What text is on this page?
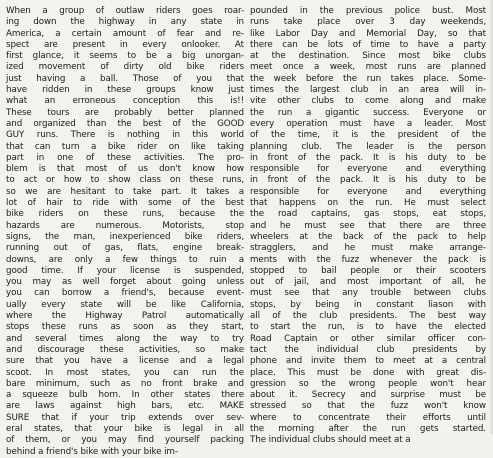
When a group of outlaw riders goes roar-
ing down the highway in any state in
America, a certain amount of fear and re-
spect are present in every onlooker. At
first glance, it seems to be a big unorgan-
ized movement of dirty old bike riders
just having a ball. Those of you that
have ridden in these groups know just
what an erroneous conception this is!!
These tours are probably better planned
and organized than the best of the GOOD
GUY runs. There is nothing in this world
that can turn a bike rider on like taking
part in one of these activities. The pro-
blem is that most of us don't know how
to act or how to show class on these runs,
so we are hesitant to take part. It takes a
lot of hair to ride with some of the best
bike riders on these runs, because the
hazards are numerous. Motorists, stop
signs, the man, inexperienced bike riders,
running out of gas, flats, engine break-
downs, are only a few things to ruin a
good time. If your license is suspended,
you may as well forget about going unless
you can borrow a friend's, because event-
ually every state will be like California,
where the Highway Patrol automatically
stops these runs as soon as they start,
and several times along the way to try
and discourage these activities, so make
sure that you have a license and a legal
scoot. In most states, you can run the
bare minimum, such as no front brake and
a squeeze bulb horn. In other states there
are laws against high bars, etc. MAKE
SURE that if your trip extends over sev-
eral states, that your bike is legal in all
of them, or you may find yourself packing
behind a friend's bike with your bike im-
pounded in the previous police bust. Most
runs take place over 3 day weekends,
like Labor Day and Memorial Day, so that
there can be lots of time to have a party
at the destination. Since most bike clubs
meet once a week, most runs are planned
the week before the run takes place. Some-
times the largest club in an area will in-
vite other clubs to come along and make
the run a gigantic success. Everyone or
every operation must have a leader. Most
of the time, it is the president of the
planning club. The leader is the person
in front of the pack. It is his duty to be
responsible for everyone and everything
in front of the pack. It is his duty to be
responsible for everyone and everything
that happens on the run. He must select
the road captains, gas stops, eat stops,
and he must see that there are three
wheelers at the back of the pack to help
stragglers, and he must make arrange-
ments with the fuzz whenever the pack is
stopped to bail people or their scooters
out of jail, and most important of all, he
must see that any trouble between clubs
stops, by being in constant liason with
all of the club presidents. The best way
to start the run, is to have the elected
Road Captain or other similar officer con-
tact the individual club presidents by
phone and invite them to meet at a central
place. This must be done with great dis-
gression so the wrong people won't hear
about it. Secrecy and surprise must be
stressed so that the fuzz won't know
where to concentrate their efforts until
the morning after the run gets started.
The individual clubs should meet at a
